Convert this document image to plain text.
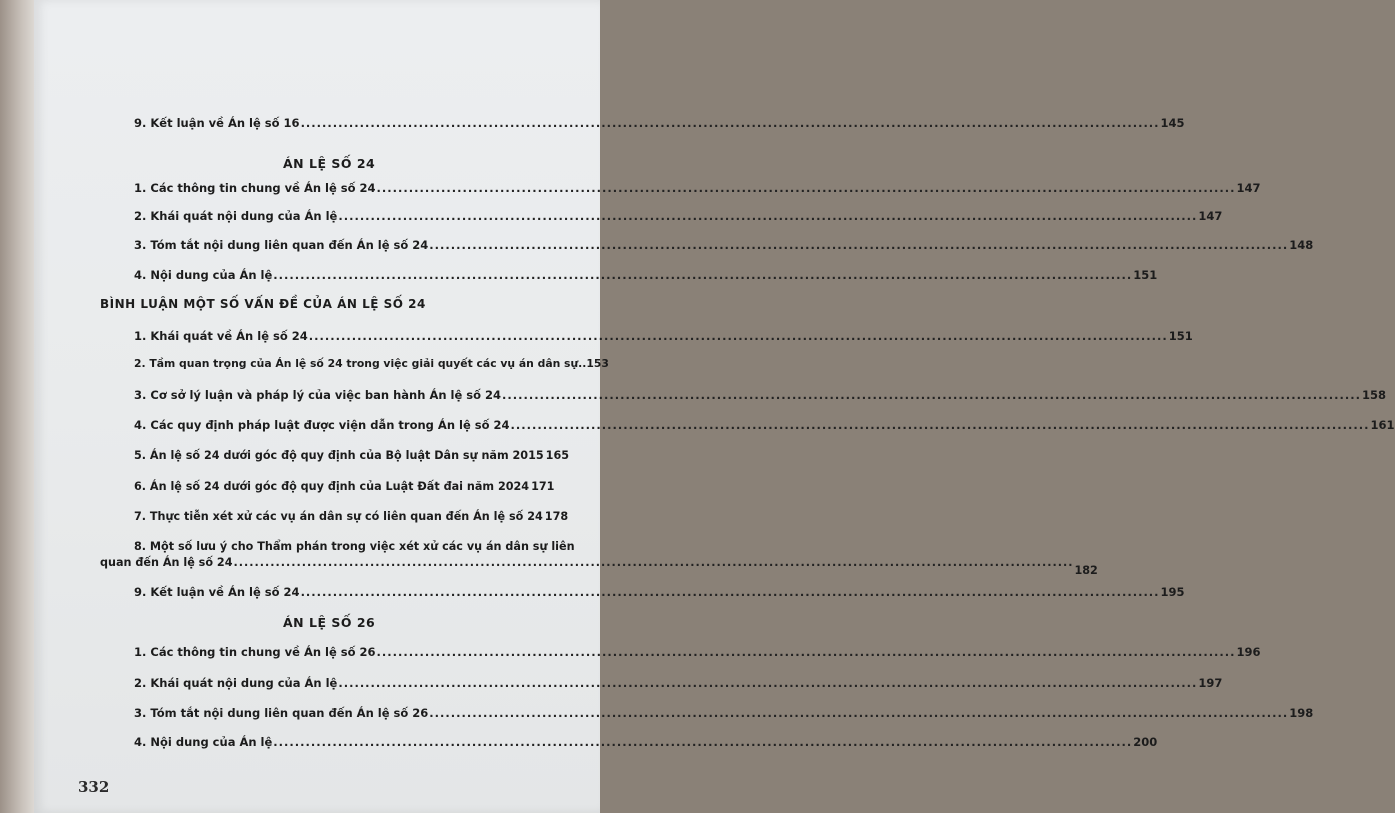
9. Kết luận về Án lệ số 16 .....	145
ÁN LỆ SỐ 24
1. Các thông tin chung về Án lệ số 24 .....	147
2. Khái quát nội dung của Án lệ .....	147
3. Tóm tắt nội dung liên quan đến Án lệ số 24 .....	148
4. Nội dung của Án lệ .....	151
BÌNH LUẬN MỘT SỐ VẤN ĐỀ CỦA ÁN LỆ SỐ 24
1. Khái quát về Án lệ số 24 .....	151
2. Tầm quan trọng của Án lệ số 24 trong việc giải quyết các vụ án dân sự.. 153
3. Cơ sở lý luận và pháp lý của việc ban hành Án lệ số 24 .....	158
4. Các quy định pháp luật được viện dẫn trong Án lệ số 24 .....	161
5. Án lệ số 24 dưới góc độ quy định của Bộ luật Dân sự năm 2015 165
6. Án lệ số 24 dưới góc độ quy định của Luật Đất đai năm 2024 171
7. Thực tiễn xét xử các vụ án dân sự có liên quan đến Án lệ số 24 178
8. Một số lưu ý cho Thẩm phán trong việc xét xử các vụ án dân sự liên
quan đến Án lệ số 24
.....
182
9. Kết luận về Án lệ số 24 .....	195
ÁN LỆ SỐ 26
1. Các thông tin chung về Án lệ số 26 .....	196
2. Khái quát nội dung của Án lệ .....	197
3. Tóm tắt nội dung liên quan đến Án lệ số 26 .....	198
4. Nội dung của Án lệ .....	200
332
